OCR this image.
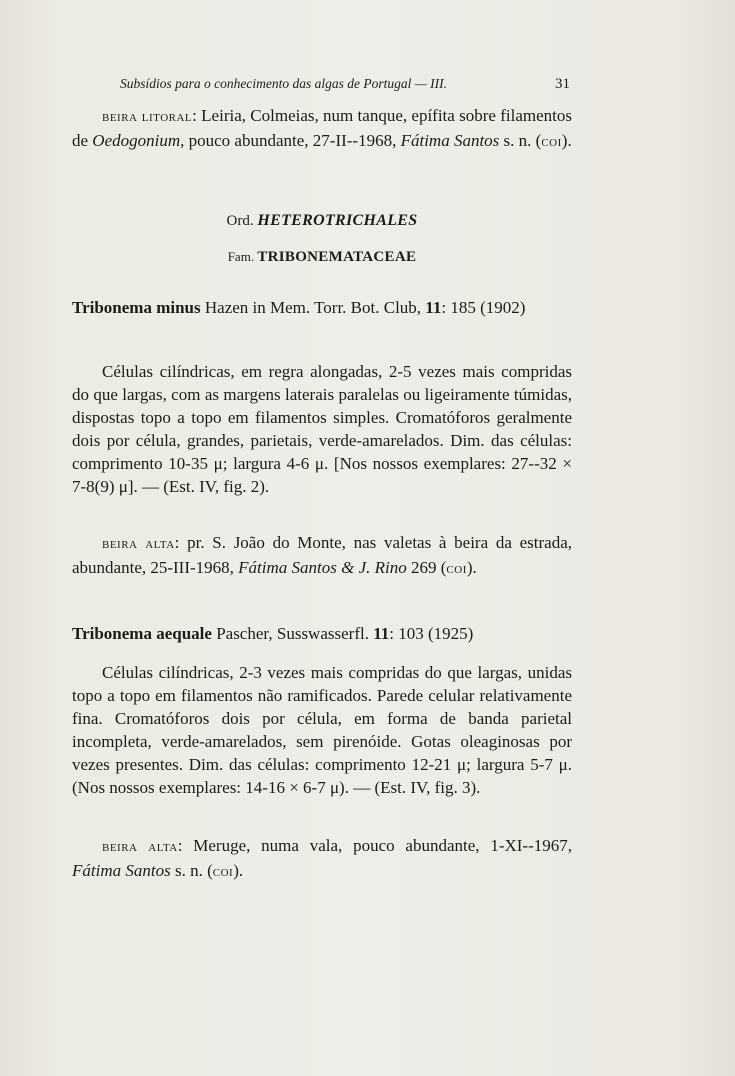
Subsídios para o conhecimento das algas de Portugal — III.	31

beira litoral: Leiria, Colmeias, num tanque, epífita sobre filamentos de Oedogonium, pouco abundante, 27-II--1968, Fátima Santos s. n. (coi).

Ord. HETEROTRICHALES
Fam. TRIBONEMATACEAE

Tribonema minus Hazen in Mem. Torr. Bot. Club, 11: 185 (1902)

Células cilíndricas, em regra alongadas, 2-5 vezes mais compridas do que largas, com as margens laterais paralelas ou ligeiramente túmidas, dispostas topo a topo em filamentos simples. Cromatóforos geralmente dois por célula, grandes, parietais, verde-amarelados. Dim. das células: comprimento 10-35 μ; largura 4-6 μ. [Nos nossos exemplares: 27--32 × 7-8(9) μ]. — (Est. IV, fig. 2).

beira alta: pr. S. João do Monte, nas valetas à beira da estrada, abundante, 25-III-1968, Fátima Santos & J. Rino 269 (coi).

Tribonema aequale Pascher, Susswasserfl. 11: 103 (1925)

Células cilíndricas, 2-3 vezes mais compridas do que largas, unidas topo a topo em filamentos não ramificados. Parede celular relativamente fina. Cromatóforos dois por célula, em forma de banda parietal incompleta, verde-amarelados, sem pirenóide. Gotas oleaginosas por vezes presentes. Dim. das células: comprimento 12-21 μ; largura 5-7 μ. (Nos nossos exemplares: 14-16 × 6-7 μ). — (Est. IV, fig. 3).

beira alta: Meruge, numa vala, pouco abundante, 1-XI--1967, Fátima Santos s. n. (coi).
